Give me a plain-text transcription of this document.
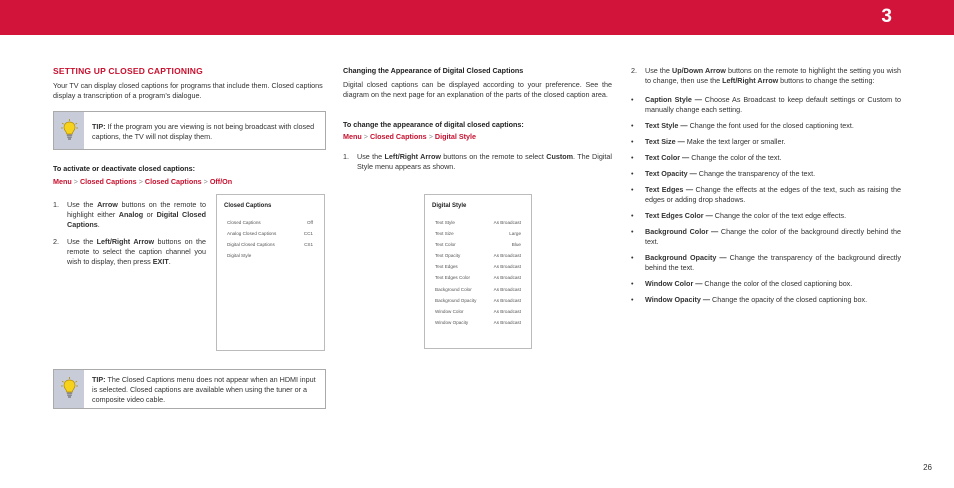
3

SETTING UP CLOSED CAPTIONING

Your TV can display closed captions for programs that include them. Closed captions display a transcription of a program’s dialogue.

TIP: If the program you are viewing is not being broadcast with closed captions, the TV will not display them.

To activate or deactivate closed captions:

Menu > Closed Captions > Closed Captions > Off/On

1. Use the Arrow buttons on the remote to highlight either Analog or Digital Closed Captions.
2. Use the Left/Right Arrow buttons on the remote to select the caption channel you wish to display, then press EXIT.
Closed Captions
Closed Captions	Off
Analog Closed Captions	CC1
Digital Closed Captions	CS1
Digital Style

TIP: The Closed Captions menu does not appear when an HDMI input is selected. Closed captions are available when using the tuner or a composite video cable.

Changing the Appearance of Digital Closed Captions

Digital closed captions can be displayed according to your preference. See the diagram on the next page for an explanation of the parts of the closed caption area.

To change the appearance of digital closed captions:

Menu > Closed Captions > Digital Style

1. Use the Left/Right Arrow buttons on the remote to select Custom. The Digital Style menu appears as shown.
Digital Style
Text Style	As Broadcast
Text Size	Large
Text Color	Blue
Text Opacity	As Broadcast
Text Edges	As Broadcast
Text Edges Color	As Broadcast
Background Color	As Broadcast
Background Opacity	As Broadcast
Window Color	As Broadcast
Window Opacity	As Broadcast
2. Use the Up/Down Arrow buttons on the remote to highlight the setting you wish to change, then use the Left/Right Arrow buttons to change the setting:
• Caption Style — Choose As Broadcast to keep default settings or Custom to manually change each setting.
• Text Style — Change the font used for the closed captioning text.
• Text Size — Make the text larger or smaller.
• Text Color — Change the color of the text.
• Text Opacity — Change the transparency of the text.
• Text Edges — Change the effects at the edges of the text, such as raising the edges or adding drop shadows.
• Text Edges Color — Change the color of the text edge effects.
• Background Color — Change the color of the background directly behind the text.
• Background Opacity — Change the transparency of the background directly behind the text.
• Window Color — Change the color of the closed captioning box.
• Window Opacity — Change the opacity of the closed captioning box.
26
